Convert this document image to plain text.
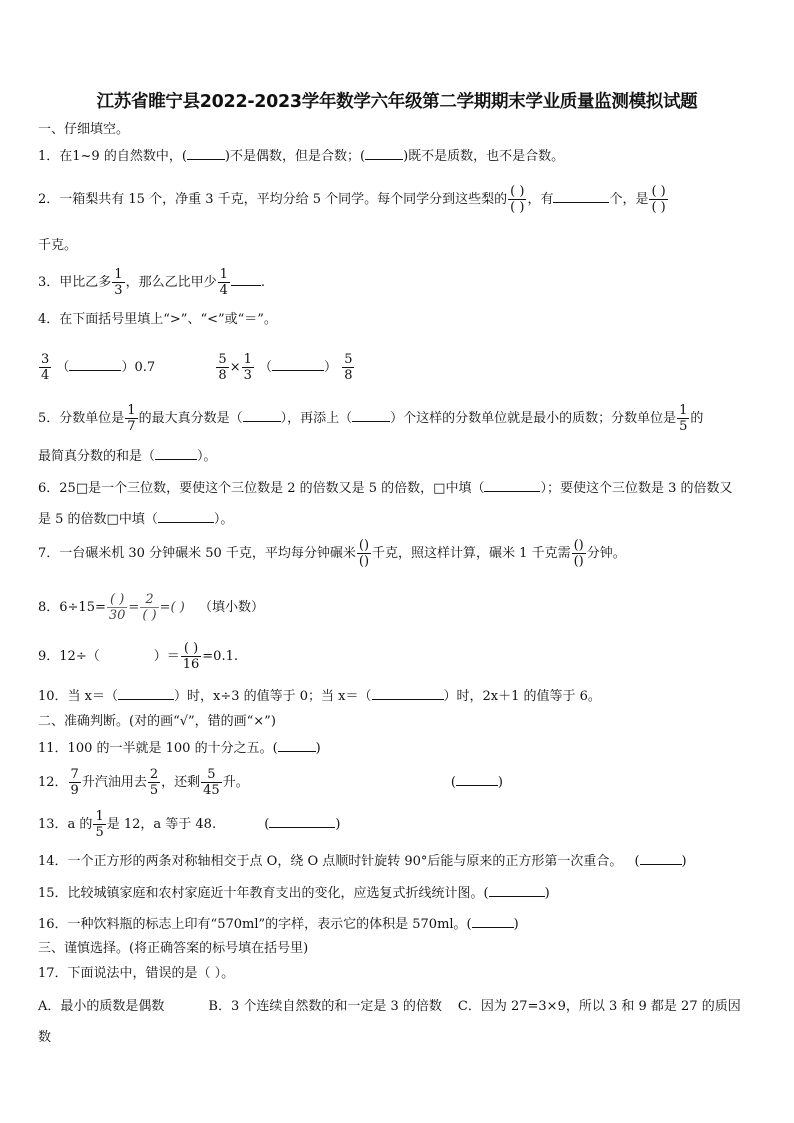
江苏省睢宁县2022-2023学年数学六年级第二学期期末学业质量监测模拟试题
一、仔细填空。
1．在1~9 的自然数中，(	)不是偶数，但是合数；(	)既不是质数，也不是合数。
2．一箱梨共有 15 个，净重 3 千克，平均分给 5 个同学。每个同学分到这些梨的 $\frac{( )}{( )}$ ，有	个，是 $\frac{( )}{( )}$
千克。
3．甲比乙多 $\frac{1}{3}$ ，那么乙比甲少 $\frac{1}{4}$ .
4．在下面括号里填上“>”、“<”或“＝”。
$\frac{3}{4}$ （	）0.7	$\frac{5}{8} \times \frac{1}{3}$ （	） $\frac{5}{8}$
5．分数单位是 $\frac{1}{7}$ 的最大真分数是（	），再添上（	）个这样的分数单位就是最小的质数；分数单位是 $\frac{1}{5}$ 的
最简真分数的和是（	）。
6．25□是一个三位数，要使这个三位数是 2 的倍数又是 5 的倍数，□中填（	）；要使这个三位数是 3 的倍数又
是 5 的倍数□中填（	）。
7．一台碾米机 30 分钟碾米 50 千克，平均每分钟碾米 $\frac{()}{()}$ 千克，照这样计算，碾米 1 千克需 $\frac{()}{()}$ 分钟。
8．$6\div 15= \frac{( )}{30} = \frac{2}{( )}$ =( ) （填小数）
9．12÷（	）＝ $\frac{( )}{16} =0.1$.
10．当 x＝（	）时，x÷3 的值等于 0；当 x＝（	）时，2x＋1 的值等于 6。
二、准确判断。(对的画“√”，错的画“×”)
11．100 的一半就是 100 的十分之五。(	)
12． $\frac{7}{9}$ 升汽油用去 $\frac{2}{5}$ ，还剩 $\frac{5}{45}$ 升。	(	)
13．a 的 $\frac{1}{5}$ 是 12，a 等于 48.	(	)
14．一个正方形的两条对称轴相交于点 O，绕 O 点顺时针旋转 90°后能与原来的正方形第一次重合。 (	)
15．比较城镇家庭和农村家庭近十年教育支出的变化，应选复式折线统计图。(	)
16．一种饮料瓶的标志上印有“570ml”的字样，表示它的体积是 570ml。(	)
三、谨慎选择。(将正确答案的标号填在括号里)
17．下面说法中，错误的是（ ）。
A．最小的质数是偶数	B．3 个连续自然数的和一定是 3 的倍数 C．因为 27=3×9，所以 3 和 9 都是 27 的质因
数
